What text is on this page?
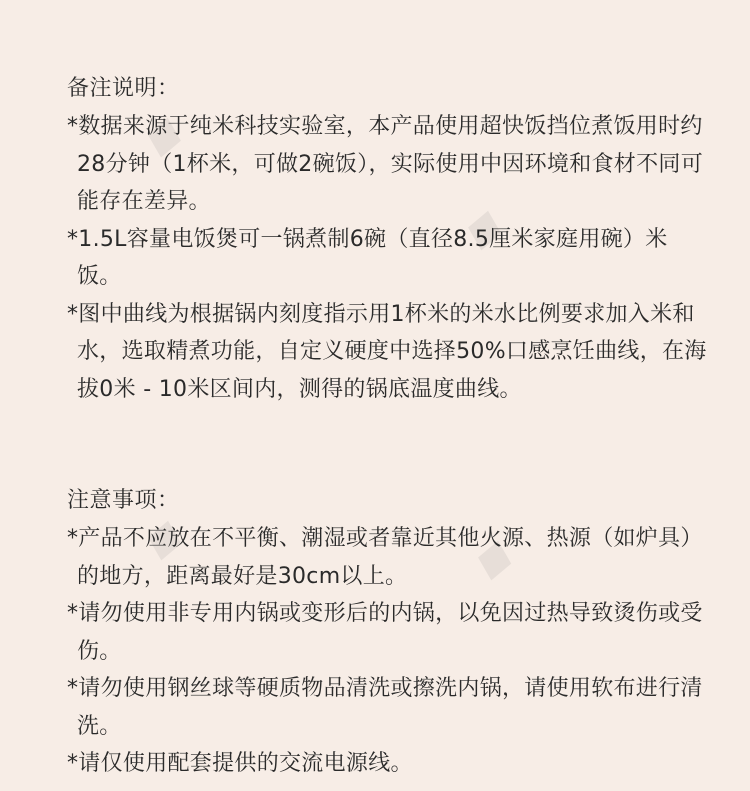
备注说明：

*数据来源于纯米科技实验室，本产品使用超快饭挡位煮饭用时约28分钟（1杯米，可做2碗饭），实际使用中因环境和食材不同可能存在差异。

*1.5L容量电饭煲可一锅煮制6碗（直径8.5厘米家庭用碗）米饭。

*图中曲线为根据锅内刻度指示用1杯米的米水比例要求加入米和水，选取精煮功能，自定义硬度中选择50%口感烹饪曲线，在海拔0米 - 10米区间内，测得的锅底温度曲线。

注意事项：

*产品不应放在不平衡、潮湿或者靠近其他火源、热源（如炉具）的地方，距离最好是30cm以上。

*请勿使用非专用内锅或变形后的内锅，以免因过热导致烫伤或受伤。

*请勿使用钢丝球等硬质物品清洗或擦洗内锅，请使用软布进行清洗。

*请仅使用配套提供的交流电源线。
